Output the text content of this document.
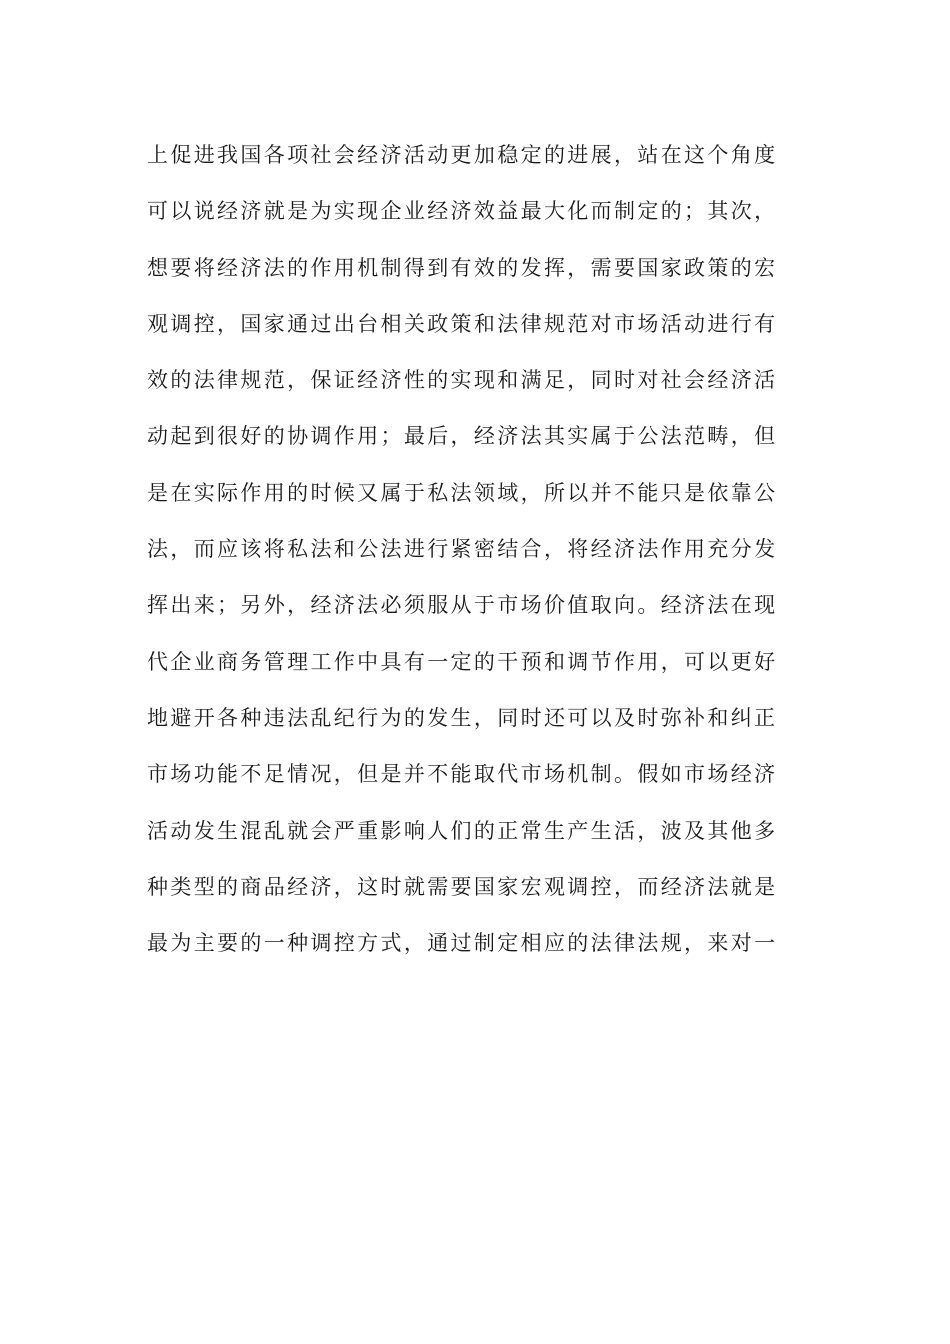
上促进我国各项社会经济活动更加稳定的进展，站在这个角度
可以说经济就是为实现企业经济效益最大化而制定的；其次，
想要将经济法的作用机制得到有效的发挥，需要国家政策的宏
观调控，国家通过出台相关政策和法律规范对市场活动进行有
效的法律规范，保证经济性的实现和满足，同时对社会经济活
动起到很好的协调作用；最后，经济法其实属于公法范畴，但
是在实际作用的时候又属于私法领域，所以并不能只是依靠公
法，而应该将私法和公法进行紧密结合，将经济法作用充分发
挥出来；另外，经济法必须服从于市场价值取向。经济法在现
代企业商务管理工作中具有一定的干预和调节作用，可以更好
地避开各种违法乱纪行为的发生，同时还可以及时弥补和纠正
市场功能不足情况，但是并不能取代市场机制。假如市场经济
活动发生混乱就会严重影响人们的正常生产生活，波及其他多
种类型的商品经济，这时就需要国家宏观调控，而经济法就是
最为主要的一种调控方式，通过制定相应的法律法规，来对一
